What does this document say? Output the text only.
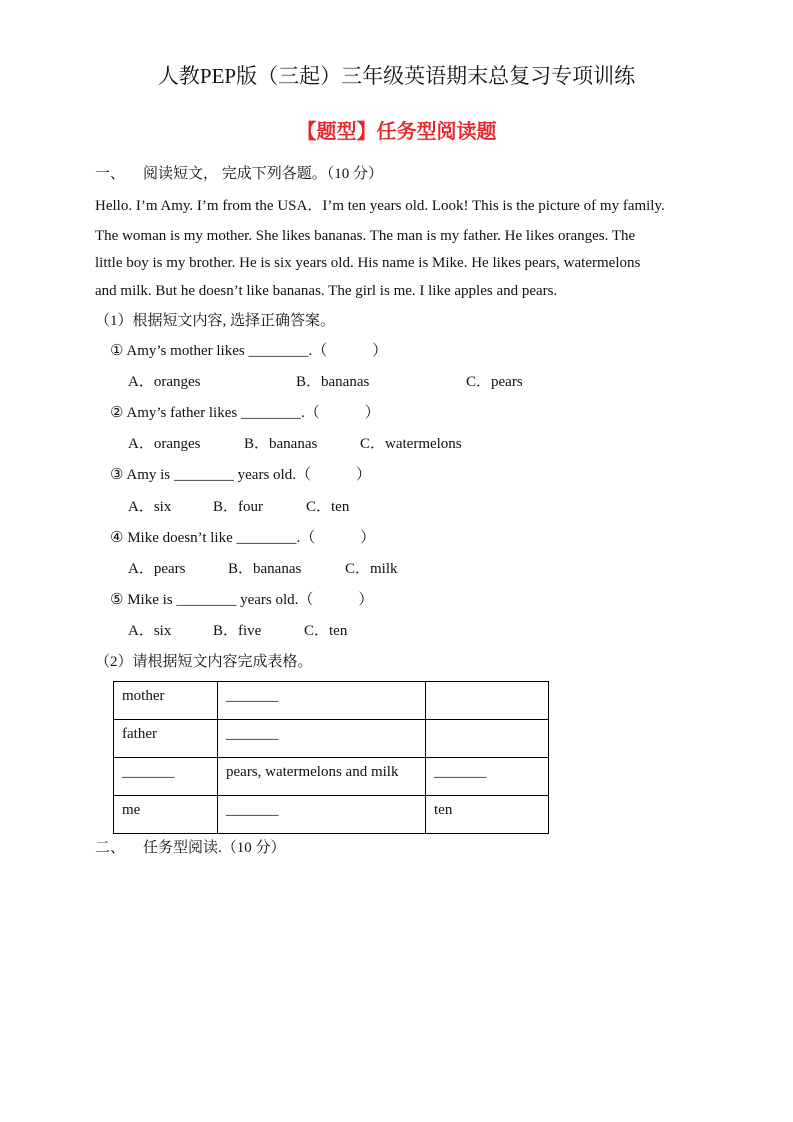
人教PEP版（三起）三年级英语期末总复习专项训练
【题型】任务型阅读题
一、 阅读短文， 完成下列各题。（10 分）
Hello. I’m Amy. I’m from the USA．I’m ten years old. Look! This is the picture of my family.
The woman is my mother. She likes bananas. The man is my father. He likes oranges. The
little boy is my brother. He is six years old. His name is Mike. He likes pears, watermelons
and milk. But he doesn’t like bananas. The girl is me. I like apples and pears.
（1）根据短文内容, 选择正确答案。
① Amy’s mother likes ________.（　　　）
A．oranges	B．bananas	C．pears
② Amy’s father likes ________.（　　　）
A．oranges	B．bananas	C．watermelons
③ Amy is ________ years old.（　　　）
A．six	B．four	C．ten
④ Mike doesn’t like ________.（　　　）
A．pears	B．bananas	C．milk
⑤ Mike is ________ years old.（　　　）
A．six	B．five	C．ten
（2）请根据短文内容完成表格。
mother	_______	
father	_______	
_______	pears, watermelons and milk	_______
me	_______	ten
二、 任务型阅读.（10 分）
